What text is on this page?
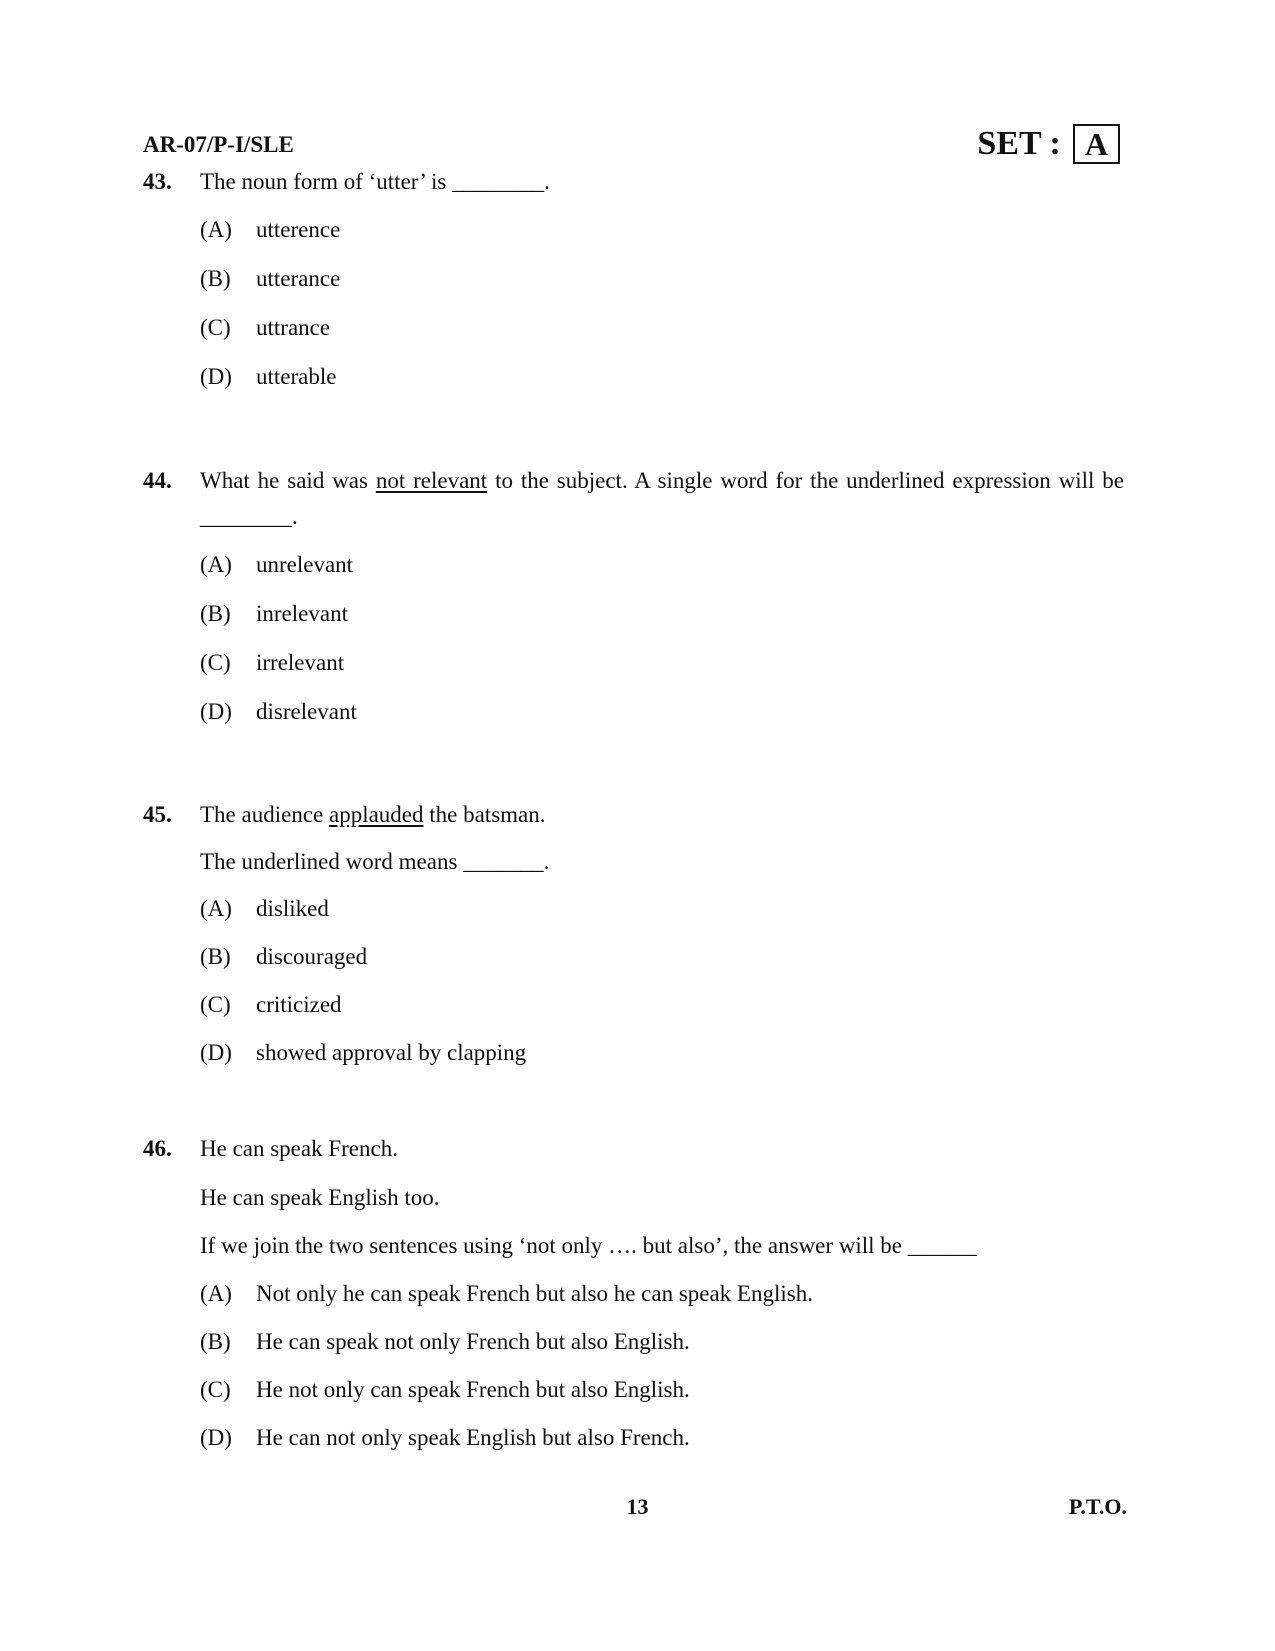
AR-07/P-I/SLE	SET : A
43.	The noun form of ‘utter’ is ________.
(A)	utterence
(B)	utterance
(C)	uttrance
(D)	utterable
44.	What he said was not relevant to the subject. A single word for the underlined expression will be ________.
(A)	unrelevant
(B)	inrelevant
(C)	irrelevant
(D)	disrelevant
45.	The audience applauded the batsman.
The underlined word means _______.
(A)	disliked
(B)	discouraged
(C)	criticized
(D)	showed approval by clapping
46.	He can speak French.
He can speak English too.
If we join the two sentences using ‘not only …. but also’, the answer will be ______
(A)	Not only he can speak French but also he can speak English.
(B)	He can speak not only French but also English.
(C)	He not only can speak French but also English.
(D)	He can not only speak English but also French.
13	P.T.O.
